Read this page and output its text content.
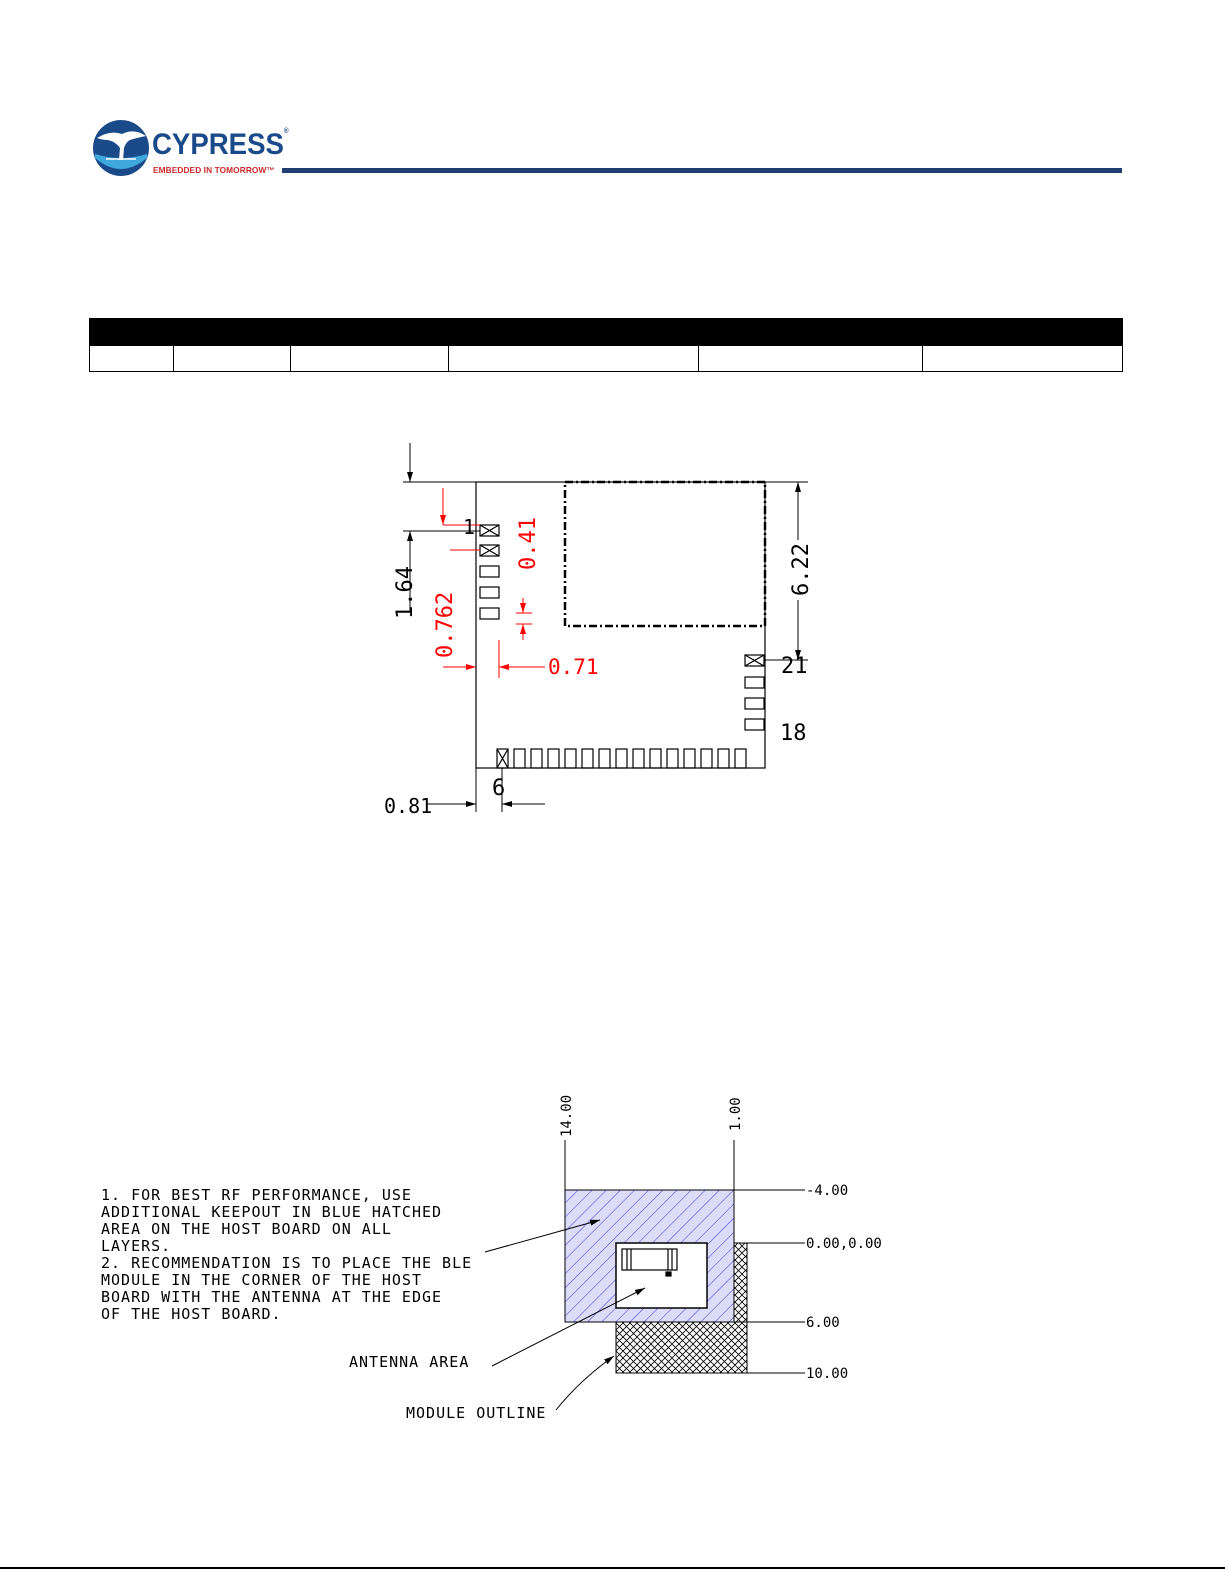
CYPRESS®
EMBEDDED IN TOMORROW™

1.64 0.762
0.41
0.71
6.22
0.81
1
6
18
21
1. FOR BEST RF PERFORMANCE, USE
ADDITIONAL KEEPOUT IN BLUE HATCHED
AREA ON THE HOST BOARD ON ALL
LAYERS.
2. RECOMMENDATION IS TO PLACE THE BLE
MODULE IN THE CORNER OF THE HOST
BOARD WITH THE ANTENNA AT THE EDGE
OF THE HOST BOARD.
ANTENNA AREA
MODULE OUTLINE
14.00	1.00
-4.00
0.00,0.00
6.00
10.00
